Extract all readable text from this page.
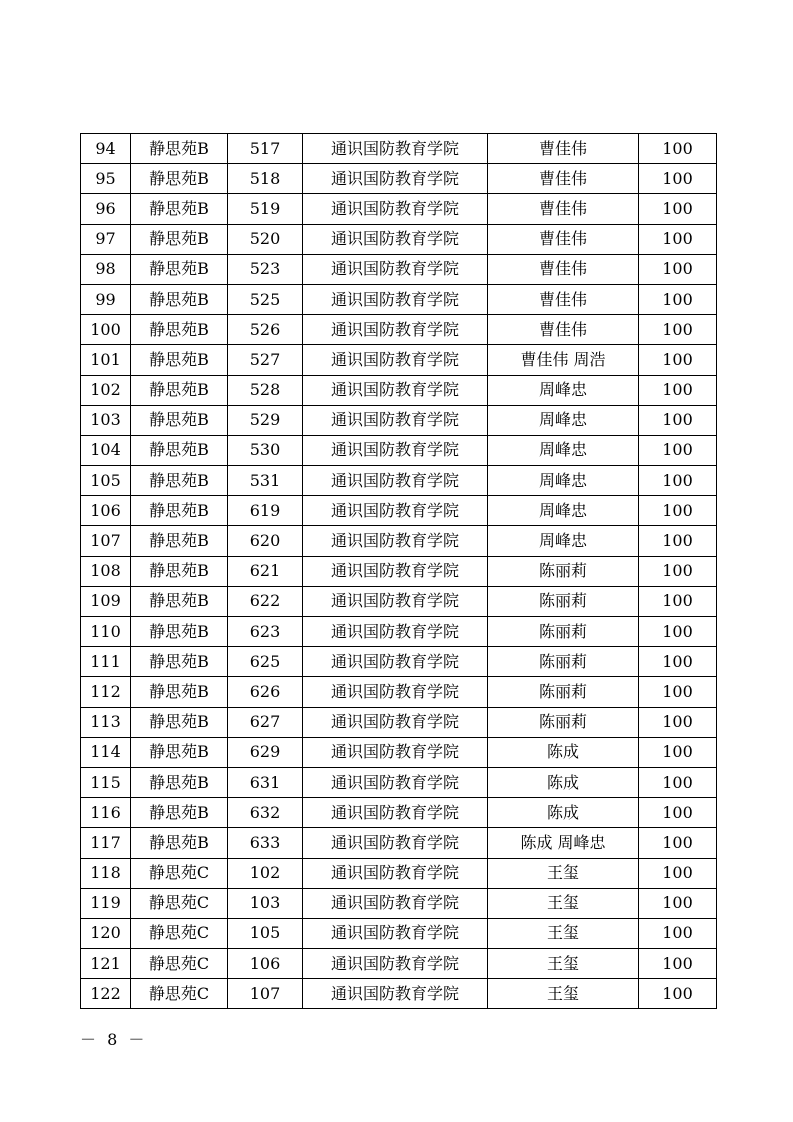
94	静思苑B	517	通识国防教育学院	曹佳伟	100
95	静思苑B	518	通识国防教育学院	曹佳伟	100
96	静思苑B	519	通识国防教育学院	曹佳伟	100
97	静思苑B	520	通识国防教育学院	曹佳伟	100
98	静思苑B	523	通识国防教育学院	曹佳伟	100
99	静思苑B	525	通识国防教育学院	曹佳伟	100
100	静思苑B	526	通识国防教育学院	曹佳伟	100
101	静思苑B	527	通识国防教育学院	曹佳伟 周浩	100
102	静思苑B	528	通识国防教育学院	周峰忠	100
103	静思苑B	529	通识国防教育学院	周峰忠	100
104	静思苑B	530	通识国防教育学院	周峰忠	100
105	静思苑B	531	通识国防教育学院	周峰忠	100
106	静思苑B	619	通识国防教育学院	周峰忠	100
107	静思苑B	620	通识国防教育学院	周峰忠	100
108	静思苑B	621	通识国防教育学院	陈丽莉	100
109	静思苑B	622	通识国防教育学院	陈丽莉	100
110	静思苑B	623	通识国防教育学院	陈丽莉	100
111	静思苑B	625	通识国防教育学院	陈丽莉	100
112	静思苑B	626	通识国防教育学院	陈丽莉	100
113	静思苑B	627	通识国防教育学院	陈丽莉	100
114	静思苑B	629	通识国防教育学院	陈成	100
115	静思苑B	631	通识国防教育学院	陈成	100
116	静思苑B	632	通识国防教育学院	陈成	100
117	静思苑B	633	通识国防教育学院	陈成 周峰忠	100
118	静思苑C	102	通识国防教育学院	王玺	100
119	静思苑C	103	通识国防教育学院	王玺	100
120	静思苑C	105	通识国防教育学院	王玺	100
121	静思苑C	106	通识国防教育学院	王玺	100
122	静思苑C	107	通识国防教育学院	王玺	100
－ 8 －
